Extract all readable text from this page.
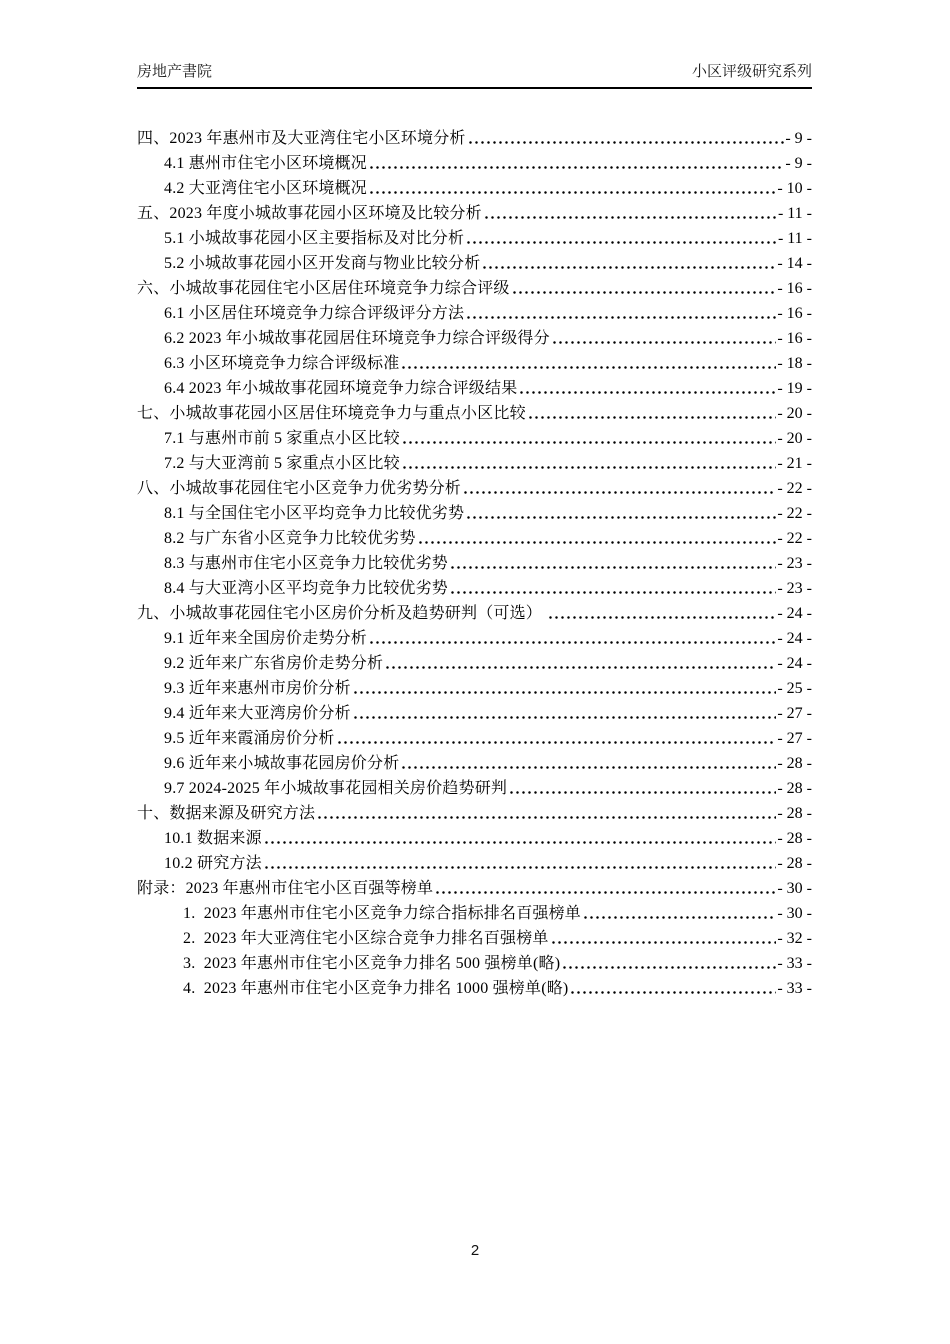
房地产書院	小区评级研究系列
四、2023 年惠州市及大亚湾住宅小区环境分析	- 9 -
4.1 惠州市住宅小区环境概况	- 9 -
4.2 大亚湾住宅小区环境概况	- 10 -
五、2023 年度小城故事花园小区环境及比较分析	- 11 -
5.1 小城故事花园小区主要指标及对比分析	- 11 -
5.2 小城故事花园小区开发商与物业比较分析	- 14 -
六、小城故事花园住宅小区居住环境竞争力综合评级	- 16 -
6.1 小区居住环境竞争力综合评级评分方法	- 16 -
6.2 2023 年小城故事花园居住环境竞争力综合评级得分	- 16 -
6.3 小区环境竞争力综合评级标准	- 18 -
6.4 2023 年小城故事花园环境竞争力综合评级结果	- 19 -
七、小城故事花园小区居住环境竞争力与重点小区比较	- 20 -
7.1 与惠州市前 5 家重点小区比较	- 20 -
7.2 与大亚湾前 5 家重点小区比较	- 21 -
八、小城故事花园住宅小区竞争力优劣势分析	- 22 -
8.1 与全国住宅小区平均竞争力比较优劣势	- 22 -
8.2 与广东省小区竞争力比较优劣势	- 22 -
8.3 与惠州市住宅小区竞争力比较优劣势	- 23 -
8.4 与大亚湾小区平均竞争力比较优劣势	- 23 -
九、小城故事花园住宅小区房价分析及趋势研判（可选）	- 24 -
9.1 近年来全国房价走势分析	- 24 -
9.2 近年来广东省房价走势分析	- 24 -
9.3 近年来惠州市房价分析	- 25 -
9.4 近年来大亚湾房价分析	- 27 -
9.5 近年来霞涌房价分析	- 27 -
9.6 近年来小城故事花园房价分析	- 28 -
9.7 2024-2025 年小城故事花园相关房价趋势研判	- 28 -
十、数据来源及研究方法	- 28 -
10.1 数据来源	- 28 -
10.2 研究方法	- 28 -
附录：2023 年惠州市住宅小区百强等榜单	- 30 -
1.  2023 年惠州市住宅小区竞争力综合指标排名百强榜单	- 30 -
2.  2023 年大亚湾住宅小区综合竞争力排名百强榜单	- 32 -
3.  2023 年惠州市住宅小区竞争力排名 500 强榜单(略)	- 33 -
4.  2023 年惠州市住宅小区竞争力排名 1000 强榜单(略)	- 33 -
2
